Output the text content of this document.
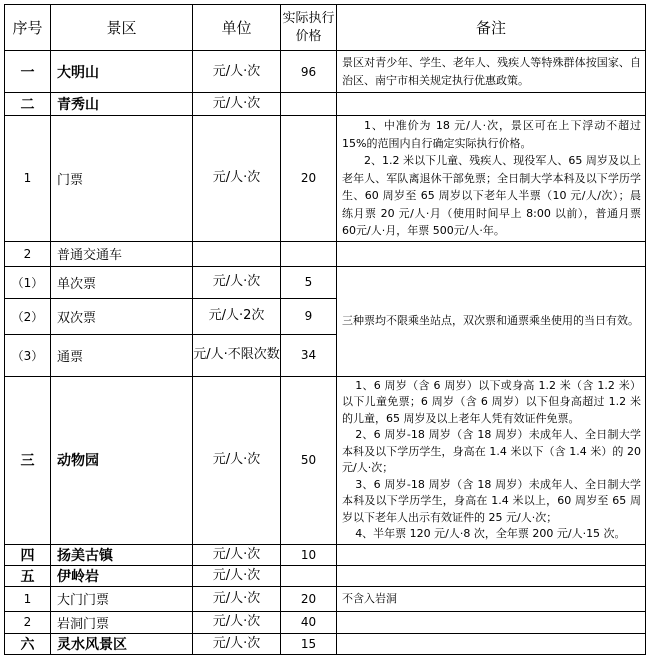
序号	景区	单位	实际执行价格	备注
一	大明山	元/人·次	96	景区对青少年、学生、老年人、残疾人等特殊群体按国家、自治区、南宁市相关规定执行优惠政策。

二	青秀山	元/人·次		
1	门票	元/人·次	20	1、中准价为 18 元/人·次，景区可在上下浮动不超过15%的范围内自行确定实际执行价格。

2、1.2 米以下儿童、残疾人、现役军人、65 周岁及以上老年人、军队离退休干部免票；全日制大学本科及以下学历学生、60 周岁至 65 周岁以下老年人半票（10 元/人/次）；晨练月票 20 元/人·月（使用时间早上 8:00 以前），普通月票 60元/人·月，年票 500元/人·年。

2	普通交通车			
（1）	单次票	元/人·次	5	三种票均不限乘坐站点，双次票和通票乘坐使用的当日有效。

（2）	双次票	元/人·2次	9	
（3）	通票	元/人·不限次数	34	
三	动物园	元/人·次	50	1、6 周岁（含 6 周岁）以下或身高 1.2 米（含 1.2 米）以下儿童免票；6 周岁（含 6 周岁）以下但身高超过 1.2 米的儿童，65 周岁及以上老年人凭有效证件免票。

2、6 周岁-18 周岁（含 18 周岁）未成年人、全日制大学本科及以下学历学生，身高在 1.4 米以下（含 1.4 米）的 20 元/人·次；

3、6 周岁-18 周岁（含 18 周岁）未成年人、全日制大学本科及以下学历学生，身高在 1.4 米以上，60 周岁至 65 周岁以下老年人出示有效证件的 25 元/人·次；

4、半年票 120 元/人·8 次，全年票 200 元/人·15 次。

四	扬美古镇	元/人·次	10	
五	伊岭岩	元/人·次		
1	大门门票	元/人·次	20	不含入岩洞

2	岩洞门票	元/人·次	40	
六	灵水风景区	元/人·次	15	
